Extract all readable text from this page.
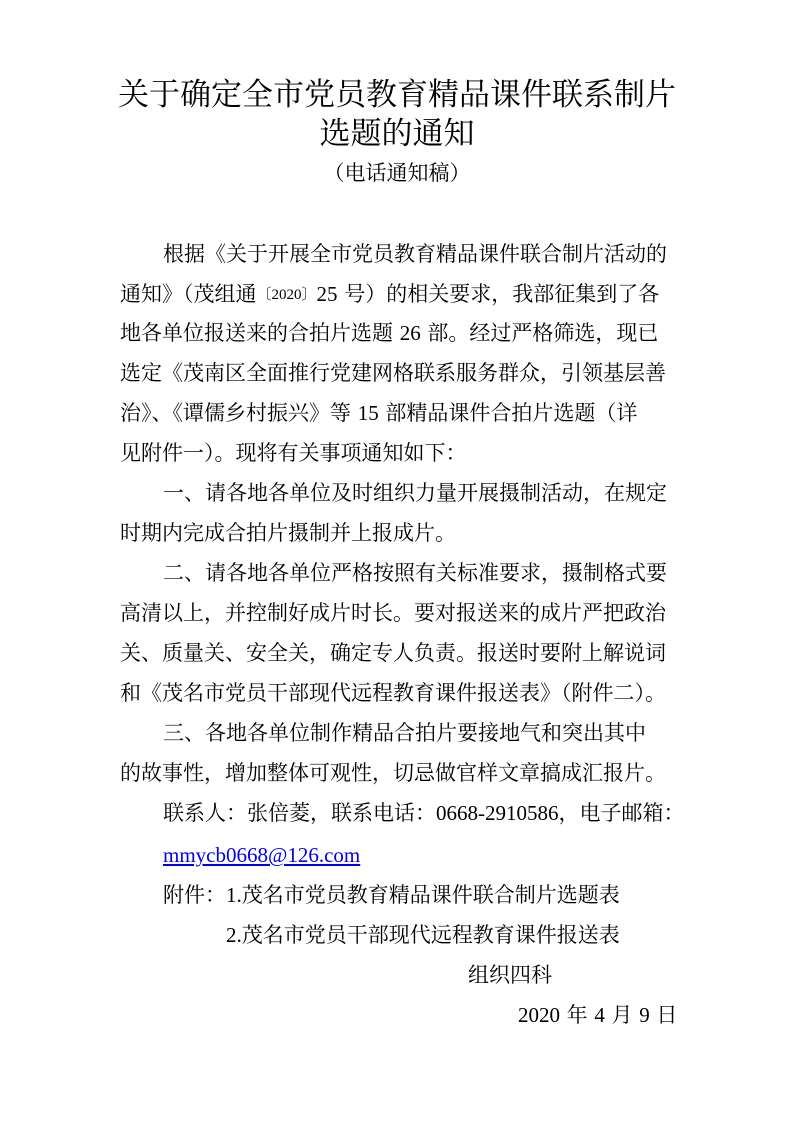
关于确定全市党员教育精品课件联系制片
选题的通知
（电话通知稿）
根据《关于开展全市党员教育精品课件联合制片活动的
通知》（茂组通〔2020〕25 号）的相关要求，我部征集到了各
地各单位报送来的合拍片选题 26 部。经过严格筛选，现已
选定《茂南区全面推行党建网格联系服务群众，引领基层善
治》、《谭儒乡村振兴》等 15 部精品课件合拍片选题（详
见附件一）。现将有关事项通知如下：
一、请各地各单位及时组织力量开展摄制活动，在规定
时期内完成合拍片摄制并上报成片。
二、请各地各单位严格按照有关标准要求，摄制格式要
高清以上，并控制好成片时长。要对报送来的成片严把政治
关、质量关、安全关，确定专人负责。报送时要附上解说词
和《茂名市党员干部现代远程教育课件报送表》（附件二）。
三、各地各单位制作精品合拍片要接地气和突出其中
的故事性，增加整体可观性，切忌做官样文章搞成汇报片。
联系人：张倍菱，联系电话：0668-2910586，电子邮箱：
mmycb0668@126.com
附件：1.茂名市党员教育精品课件联合制片选题表
2.茂名市党员干部现代远程教育课件报送表
组织四科
2020 年 4 月 9 日
